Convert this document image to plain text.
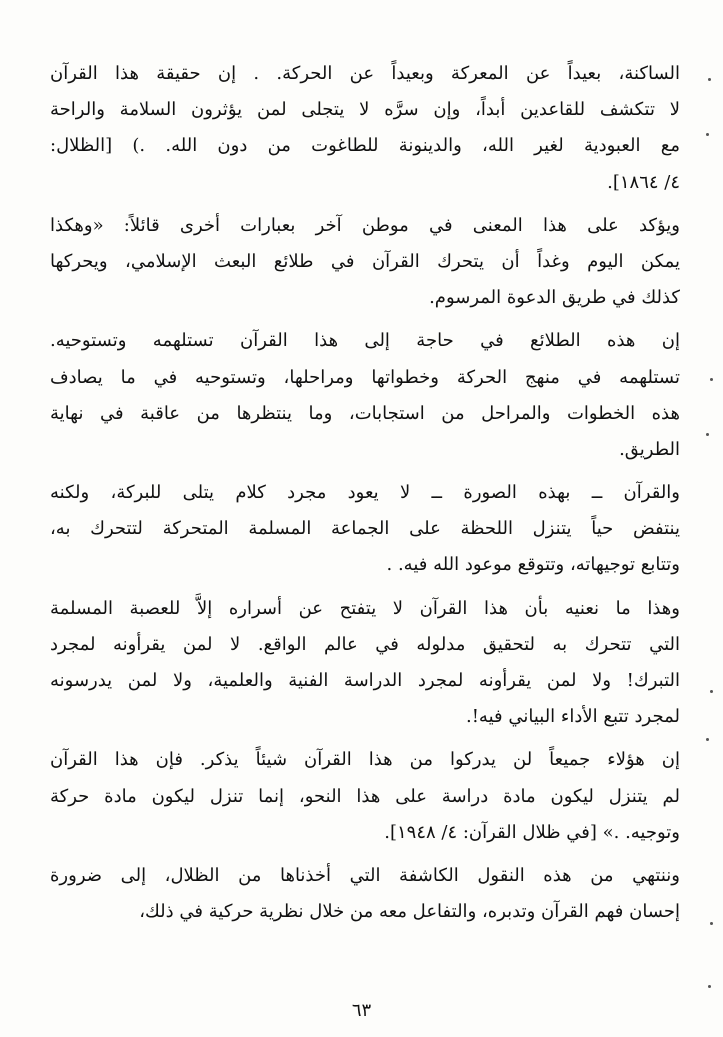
الساكنة، بعيداً عن المعركة وبعيداً عن الحركة. . إن حقيقة هذا القرآن
لا تتكشف للقاعدين أبداً، وإن سرَّه لا يتجلى لمن يؤثرون السلامة والراحة
مع العبودية لغير الله، والدينونة للطاغوت من دون الله. .) [الظلال:
٤/ ١٨٦٤].
ويؤكد على هذا المعنى في موطن آخر بعبارات أخرى قائلاً: «وهكذا
يمكن اليوم وغداً أن يتحرك القرآن في طلائع البعث الإسلامي، ويحركها
كذلك في طريق الدعوة المرسوم.
إن هذه الطلائع في حاجة إلى هذا القرآن تستلهمه وتستوحيه.
تستلهمه في منهج الحركة وخطواتها ومراحلها، وتستوحيه في ما يصادف
هذه الخطوات والمراحل من استجابات، وما ينتظرها من عاقبة في نهاية
الطريق.
والقرآن ــ بهذه الصورة ــ لا يعود مجرد كلام يتلى للبركة، ولكنه
ينتفض حياً يتنزل اللحظة على الجماعة المسلمة المتحركة لتتحرك به،
وتتابع توجيهاته، وتتوقع موعود الله فيه. .
وهذا ما نعنيه بأن هذا القرآن لا يتفتح عن أسراره إلاَّ للعصبة المسلمة
التي تتحرك به لتحقيق مدلوله في عالم الواقع. لا لمن يقرأونه لمجرد
التبرك! ولا لمن يقرأونه لمجرد الدراسة الفنية والعلمية، ولا لمن يدرسونه
لمجرد تتبع الأداء البياني فيه!.
إن هؤلاء جميعاً لن يدركوا من هذا القرآن شيئاً يذكر. فإن هذا القرآن
لم يتنزل ليكون مادة دراسة على هذا النحو، إنما تنزل ليكون مادة حركة
وتوجيه. .» [في ظلال القرآن: ٤/ ١٩٤٨].
وننتهي من هذه النقول الكاشفة التي أخذناها من الظلال، إلى ضرورة
إحسان فهم القرآن وتدبره، والتفاعل معه من خلال نظرية حركية في ذلك،
٦٣
